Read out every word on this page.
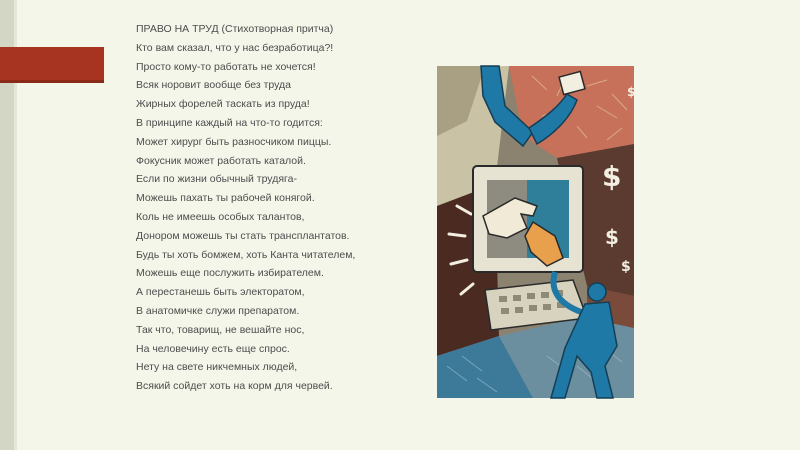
ПРАВО НА ТРУД (Стихотворная притча)
Кто вам сказал, что у нас безработица?!
Просто кому-то работать не хочется!
Всяк норовит вообще без труда
Жирных форелей таскать из пруда!
В принципе каждый на что-то годится:
Может хирург быть разносчиком пиццы.
Фокусник может работать каталой.
Если по жизни обычный трудяга-
Можешь пахать ты рабочей конягой.
Коль не имеешь особых талантов,
Донором можешь ты стать трансплантатов.
Будь ты хоть бомжем, хоть Канта читателем,
Можешь еще послужить избирателем.
А перестанешь быть электоратом,
В анатомичке служи препаратом.
Так что, товарищ, не вешайте нос,
На человечину есть еще спрос.
Нету на свете никчемных людей,
Всякий сойдет хоть на корм для червей.
$
$
$
$
